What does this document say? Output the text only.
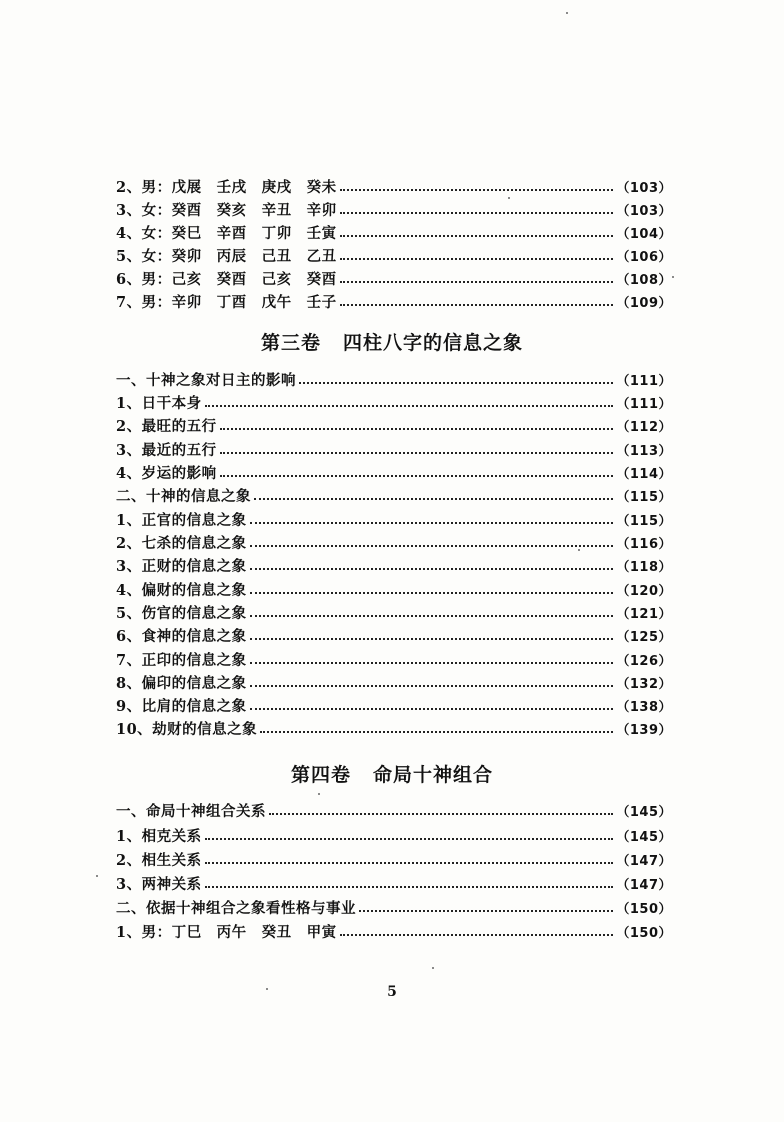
2、男：戊展　壬戌　庚戌　癸未	（103）
3、女：癸酉　癸亥　辛丑　辛卯	（103）
4、女：癸巳　辛酉　丁卯　壬寅	（104）
5、女：癸卯　丙辰　己丑　乙丑	（106）
6、男：己亥　癸酉　己亥　癸酉	（108）
7、男：辛卯　丁酉　戊午　壬子	（109）
第三卷 四柱八字的信息之象
一、十神之象对日主的影响	（111）
1、日干本身	（111）
2、最旺的五行	（112）
3、最近的五行	（113）
4、岁运的影响	（114）
二、十神的信息之象	（115）
1、正官的信息之象	（115）
2、七杀的信息之象	（116）
3、正财的信息之象	（118）
4、偏财的信息之象	（120）
5、伤官的信息之象	（121）
6、食神的信息之象	（125）
7、正印的信息之象	（126）
8、偏印的信息之象	（132）
9、比肩的信息之象	（138）
10、劫财的信息之象	（139）
第四卷 命局十神组合
一、命局十神组合关系	（145）
1、相克关系	（145）
2、相生关系	（147）
3、两神关系	（147）
二、依据十神组合之象看性格与事业	（150）
1、男：丁巳　丙午　癸丑　甲寅	（150）
5
